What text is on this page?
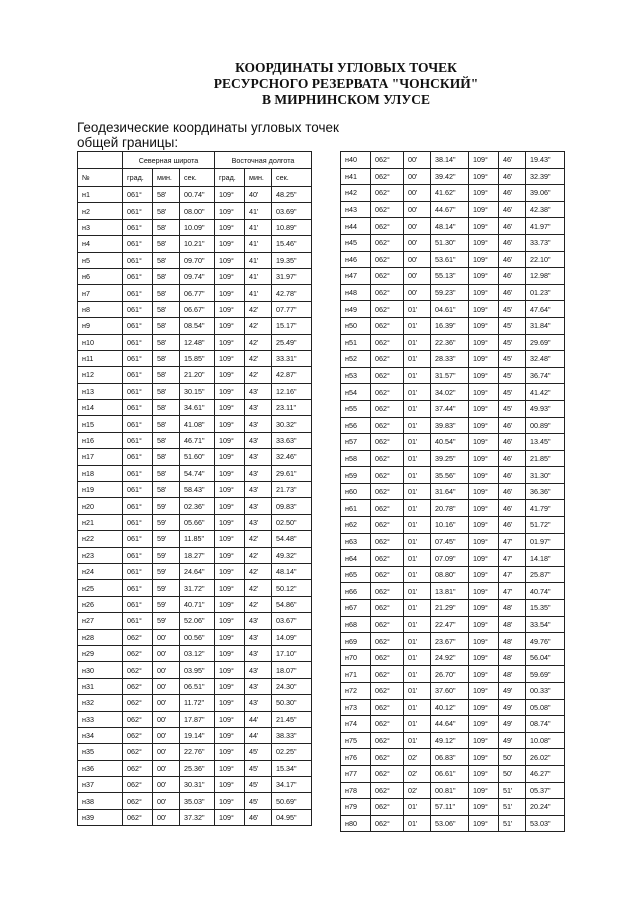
КООРДИНАТЫ УГЛОВЫХ ТОЧЕК
РЕСУРСНОГО РЕЗЕРВАТА "ЧОНСКИЙ"
В МИРНИНСКОМ УЛУСЕ
Геодезические координаты угловых точек
общей границы:
	Северная широта			Восточная долгота		
№	град.	мин.	сек.	град.	мин.	сек.
н1	061°	58'	00.74"	109°	40'	48.25"
н2	061°	58'	08.00"	109°	41'	03.69"
н3	061°	58'	10.09"	109°	41'	10.89"
н4	061°	58'	10.21"	109°	41'	15.46"
н5	061°	58'	09.70"	109°	41'	19.35"
н6	061°	58'	09.74"	109°	41'	31.97"
н7	061°	58'	06.77"	109°	41'	42.78"
н8	061°	58'	06.67"	109°	42'	07.77"
н9	061°	58'	08.54"	109°	42'	15.17"
н10	061°	58'	12.48"	109°	42'	25.49"
н11	061°	58'	15.85"	109°	42'	33.31"
н12	061°	58'	21.20"	109°	42'	42.87"
н13	061°	58'	30.15"	109°	43'	12.16"
н14	061°	58'	34.61"	109°	43'	23.11"
н15	061°	58'	41.08"	109°	43'	30.32"
н16	061°	58'	46.71"	109°	43'	33.63"
н17	061°	58'	51.60"	109°	43'	32.46"
н18	061°	58'	54.74"	109°	43'	29.61"
н19	061°	58'	58.43"	109°	43'	21.73"
н20	061°	59'	02.36"	109°	43'	09.83"
н21	061°	59'	05.66"	109°	43'	02.50"
н22	061°	59'	11.85"	109°	42'	54.48"
н23	061°	59'	18.27"	109°	42'	49.32"
н24	061°	59'	24.64"	109°	42'	48.14"
н25	061°	59'	31.72"	109°	42'	50.12"
н26	061°	59'	40.71"	109°	42'	54.86"
н27	061°	59'	52.06"	109°	43'	03.67"
н28	062°	00'	00.56"	109°	43'	14.09"
н29	062°	00'	03.12"	109°	43'	17.10"
н30	062°	00'	03.95"	109°	43'	18.07"
н31	062°	00'	06.51"	109°	43'	24.30"
н32	062°	00'	11.72"	109°	43'	50.30"
н33	062°	00'	17.87"	109°	44'	21.45"
н34	062°	00'	19.14"	109°	44'	38.33"
н35	062°	00'	22.76"	109°	45'	02.25"
н36	062°	00'	25.36"	109°	45'	15.34"
н37	062°	00'	30.31"	109°	45'	34.17"
н38	062°	00'	35.03"	109°	45'	50.69"
н39	062°	00'	37.32"	109°	46'	04.95"
н40	062°	00'	38.14"	109°	46'	19.43"
н41	062°	00'	39.42"	109°	46'	32.39"
н42	062°	00'	41.62"	109°	46'	39.06"
н43	062°	00'	44.67"	109°	46'	42.38"
н44	062°	00'	48.14"	109°	46'	41.97"
н45	062°	00'	51.30"	109°	46'	33.73"
н46	062°	00'	53.61"	109°	46'	22.10"
н47	062°	00'	55.13"	109°	46'	12.98"
н48	062°	00'	59.23"	109°	46'	01.23"
н49	062°	01'	04.61"	109°	45'	47.64"
н50	062°	01'	16.39"	109°	45'	31.84"
н51	062°	01'	22.36"	109°	45'	29.69"
н52	062°	01'	28.33"	109°	45'	32.48"
н53	062°	01'	31.57"	109°	45'	36.74"
н54	062°	01'	34.02"	109°	45'	41.42"
н55	062°	01'	37.44"	109°	45'	49.93"
н56	062°	01'	39.83"	109°	46'	00.89"
н57	062°	01'	40.54"	109°	46'	13.45"
н58	062°	01'	39.25"	109°	46'	21.85"
н59	062°	01'	35.56"	109°	46'	31.30"
н60	062°	01'	31.64"	109°	46'	36.36"
н61	062°	01'	20.78"	109°	46'	41.79"
н62	062°	01'	10.16"	109°	46'	51.72"
н63	062°	01'	07.45"	109°	47'	01.97"
н64	062°	01'	07.09"	109°	47'	14.18"
н65	062°	01'	08.80"	109°	47'	25.87"
н66	062°	01'	13.81"	109°	47'	40.74"
н67	062°	01'	21.29"	109°	48'	15.35"
н68	062°	01'	22.47"	109°	48'	33.54"
н69	062°	01'	23.67"	109°	48'	49.76"
н70	062°	01'	24.92"	109°	48'	56.04"
н71	062°	01'	26.70"	109°	48'	59.69"
н72	062°	01'	37.60"	109°	49'	00.33"
н73	062°	01'	40.12"	109°	49'	05.08"
н74	062°	01'	44.64"	109°	49'	08.74"
н75	062°	01'	49.12"	109°	49'	10.08"
н76	062°	02'	06.83"	109°	50'	26.02"
н77	062°	02'	06.61"	109°	50'	46.27"
н78	062°	02'	00.81"	109°	51'	05.37"
н79	062°	01'	57.11"	109°	51'	20.24"
н80	062°	01'	53.06"	109°	51'	53.03"
